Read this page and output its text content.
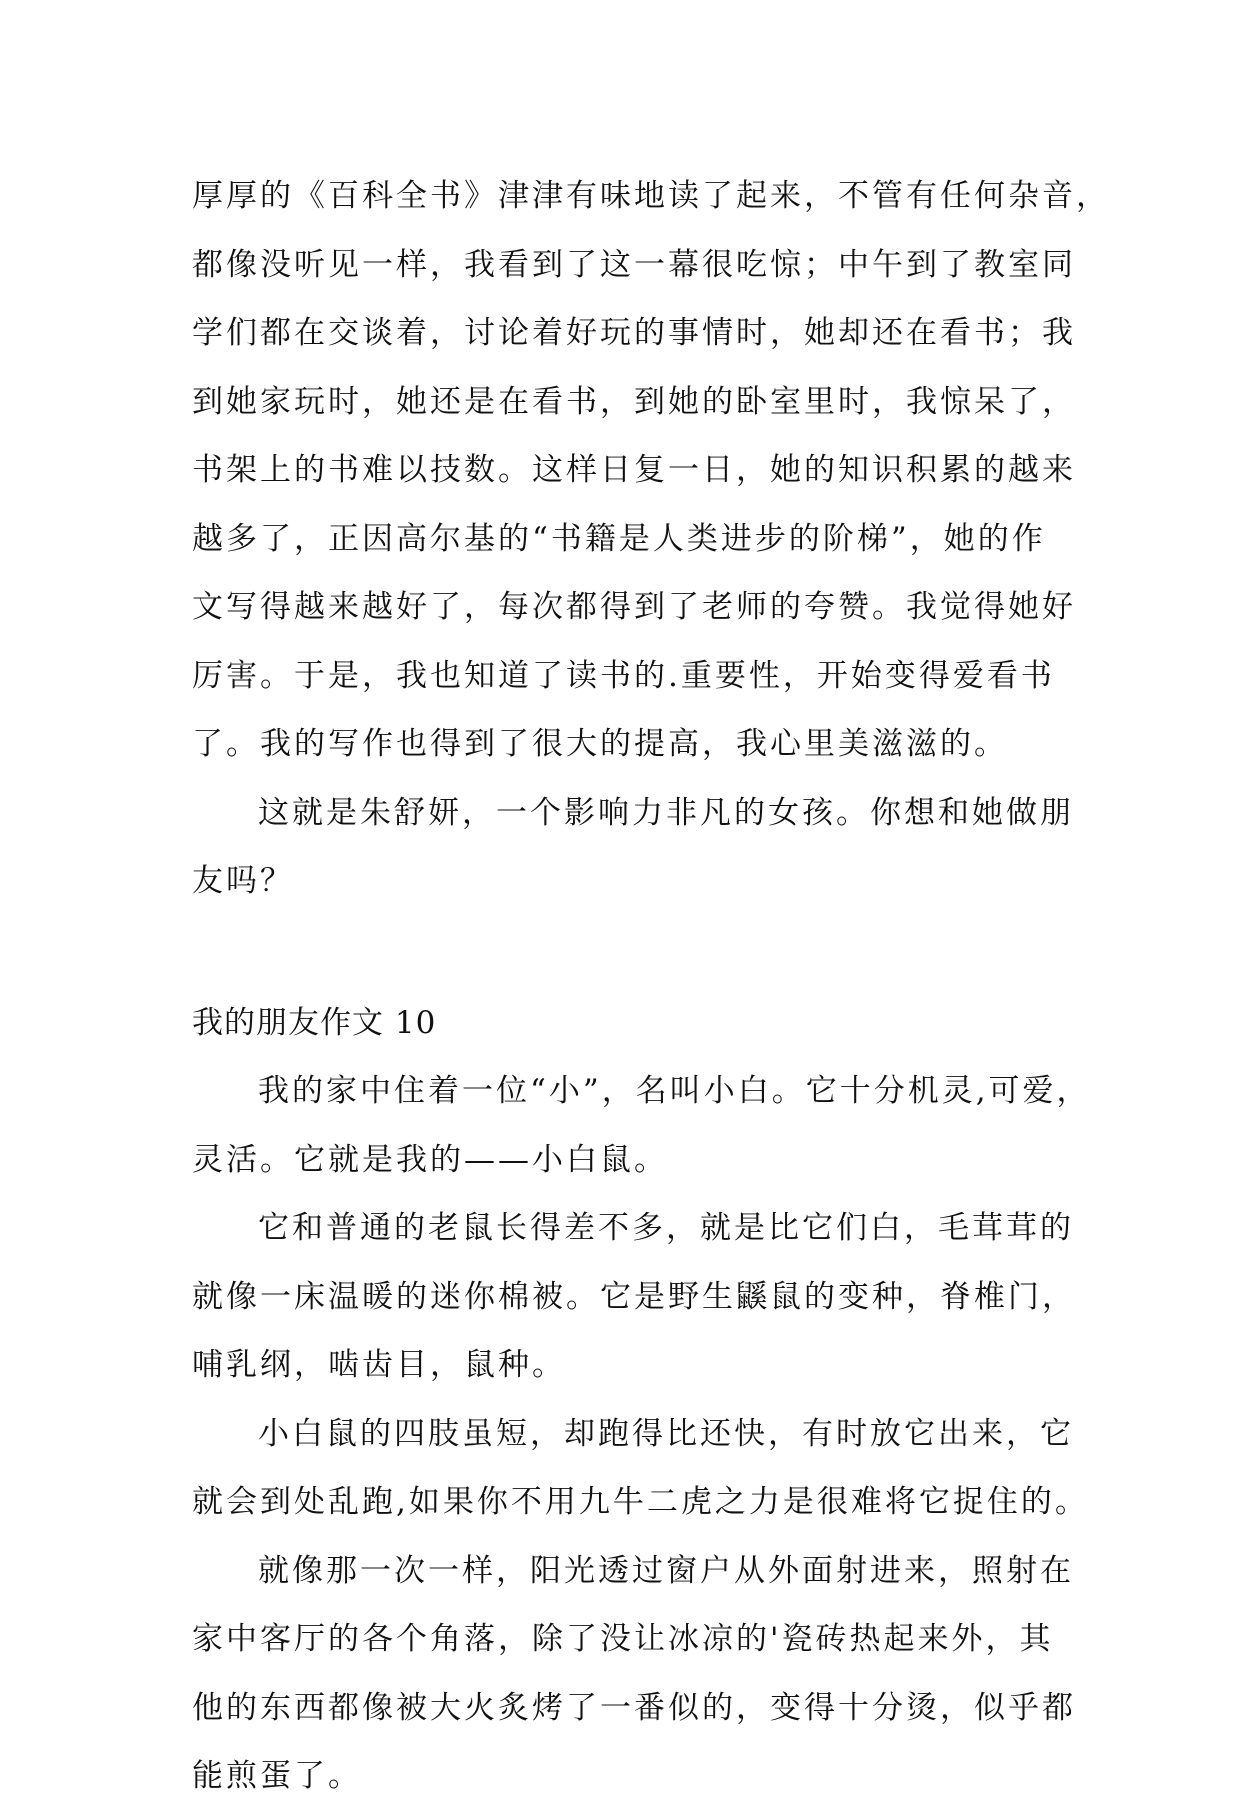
厚厚的《百科全书》津津有味地读了起来，不管有任何杂音，
都像没听见一样，我看到了这一幕很吃惊；中午到了教室同
学们都在交谈着，讨论着好玩的事情时，她却还在看书；我
到她家玩时，她还是在看书，到她的卧室里时，我惊呆了，
书架上的书难以技数。这样日复一日，她的知识积累的越来
越多了，正因高尔基的“书籍是人类进步的阶梯”，她的作
文写得越来越好了，每次都得到了老师的夸赞。我觉得她好
厉害。于是，我也知道了读书的.重要性，开始变得爱看书
了。我的写作也得到了很大的提高，我心里美滋滋的。
这就是朱舒妍，一个影响力非凡的女孩。你想和她做朋
友吗？
我的朋友作文 10
我的家中住着一位“小”，名叫小白。它十分机灵,可爱，
灵活。它就是我的——小白鼠。
它和普通的老鼠长得差不多，就是比它们白，毛茸茸的
就像一床温暖的迷你棉被。它是野生鼷鼠的变种，脊椎门，
哺乳纲，啮齿目，鼠种。
小白鼠的四肢虽短，却跑得比还快，有时放它出来，它
就会到处乱跑,如果你不用九牛二虎之力是很难将它捉住的。
就像那一次一样，阳光透过窗户从外面射进来，照射在
家中客厅的各个角落，除了没让冰凉的'瓷砖热起来外，其
他的东西都像被大火炙烤了一番似的，变得十分烫，似乎都
能煎蛋了。
